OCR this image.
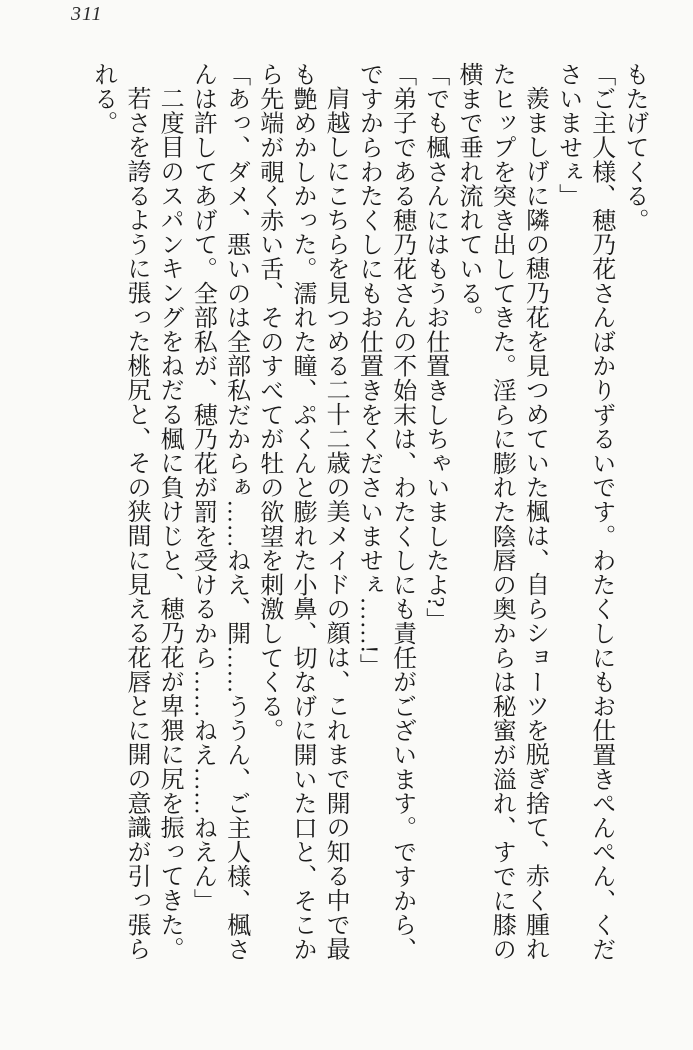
311

もたげてくる。

「ご主人様、穂乃花さんばかりずるいです。わたくしにもお仕置きぺんぺん、くださいませぇ」

羨ましげに隣の穂乃花を見つめていた楓は、自らショーツを脱ぎ捨て、赤く腫れたヒップを突き出してきた。淫らに膨れた陰唇の奥からは秘蜜が溢れ、すでに膝の横まで垂れ流れている。

「でも楓さんにはもうお仕置きしちゃいましたよ?」

「弟子である穂乃花さんの不始末は、わたくしにも責任がございます。ですから、ですからわたくしにもお仕置きをくださいませぇ……!」

肩越しにこちらを見つめる二十二歳の美メイドの顔は、これまで開の知る中で最も艶めかしかった。濡れた瞳、ぷくんと膨れた小鼻、切なげに開いた口と、そこから先端が覗く赤い舌、そのすべてが牡の欲望を刺激してくる。

「あっ、ダメ、悪いのは全部私だからぁ……ねえ、開……ううん、ご主人様、楓さんは許してあげて。全部私が、穂乃花が罰を受けるから……ねえ……ねえん」

二度目のスパンキングをねだる楓に負けじと、穂乃花が卑猥に尻を振ってきた。

若さを誇るように張った桃尻と、その狭間に見える花唇とに開の意識が引っ張られる。
